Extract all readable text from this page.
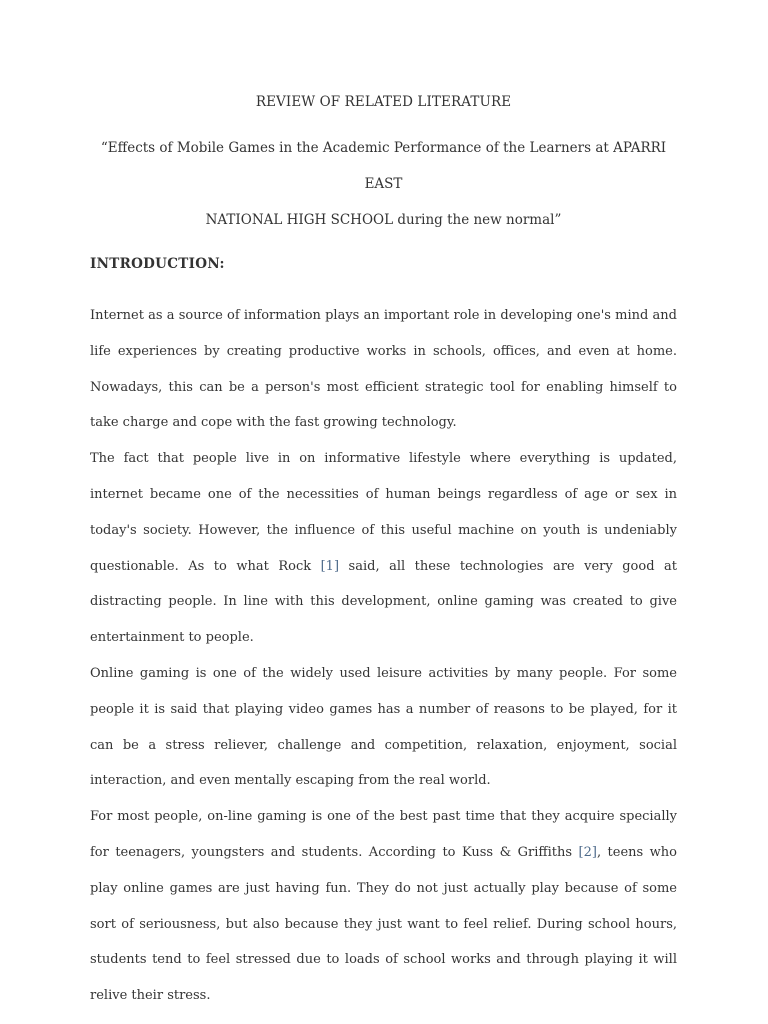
REVIEW OF RELATED LITERATURE
“Effects of Mobile Games in the Academic Performance of the Learners at APARRI EAST
NATIONAL HIGH SCHOOL during the new normal”
INTRODUCTION:

Internet as a source of information plays an important role in developing one's mind and life experiences by creating productive works in schools, offices, and even at home. Nowadays, this can be a person's most efficient strategic tool for enabling himself to take charge and cope with the fast growing technology.

The fact that people live in on informative lifestyle where everything is updated, internet became one of the necessities of human beings regardless of age or sex in today's society. However, the influence of this useful machine on youth is undeniably questionable. As to what Rock [1] said, all these technologies are very good at distracting people. In line with this development, online gaming was created to give entertainment to people.

Online gaming is one of the widely used leisure activities by many people. For some people it is said that playing video games has a number of reasons to be played, for it can be a stress reliever, challenge and competition, relaxation, enjoyment, social interaction, and even mentally escaping from the real world.

For most people, on-line gaming is one of the best past time that they acquire specially for teenagers, youngsters and students. According to Kuss & Griffiths [2], teens who play online games are just having fun. They do not just actually play because of some sort of seriousness, but also because they just want to feel relief. During school hours, students tend to feel stressed due to loads of school works and through playing it will relive their stress.
